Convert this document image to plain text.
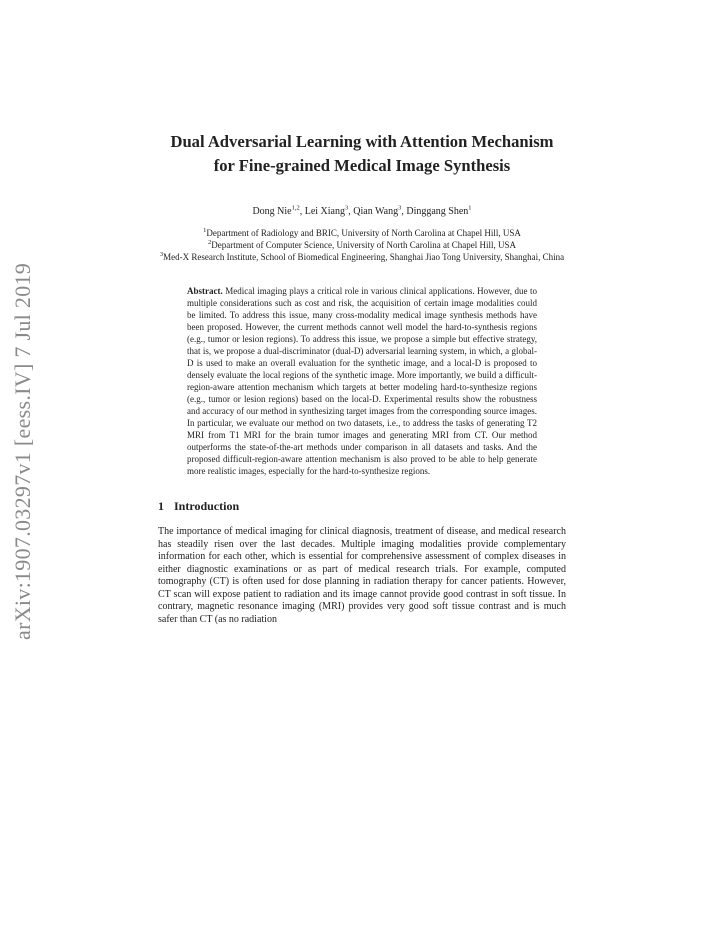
arXiv:1907.03297v1 [eess.IV] 7 Jul 2019
Dual Adversarial Learning with Attention Mechanism for Fine-grained Medical Image Synthesis
Dong Nie$^{1,2}$, Lei Xiang$^3$, Qian Wang$^3$, Dinggang Shen$^1$
$^1$Department of Radiology and BRIC, University of North Carolina at Chapel Hill, USA
$^2$Department of Computer Science, University of North Carolina at Chapel Hill, USA
$^3$Med-X Research Institute, School of Biomedical Engineering, Shanghai Jiao Tong University, Shanghai, China
Abstract. Medical imaging plays a critical role in various clinical applications. However, due to multiple considerations such as cost and risk, the acquisition of certain image modalities could be limited. To address this issue, many cross-modality medical image synthesis methods have been proposed. However, the current methods cannot well model the hard-to-synthesis regions (e.g., tumor or lesion regions). To address this issue, we propose a simple but effective strategy, that is, we propose a dual-discriminator (dual-D) adversarial learning system, in which, a global-D is used to make an overall evaluation for the synthetic image, and a local-D is proposed to densely evaluate the local regions of the synthetic image. More importantly, we build a difficult-region-aware attention mechanism which targets at better modeling hard-to-synthesize regions (e.g., tumor or lesion regions) based on the local-D. Experimental results show the robustness and accuracy of our method in synthesizing target images from the corresponding source images. In particular, we evaluate our method on two datasets, i.e., to address the tasks of generating T2 MRI from T1 MRI for the brain tumor images and generating MRI from CT. Our method outperforms the state-of-the-art methods under comparison in all datasets and tasks. And the proposed difficult-region-aware attention mechanism is also proved to be able to help generate more realistic images, especially for the hard-to-synthesize regions.
1 Introduction

The importance of medical imaging for clinical diagnosis, treatment of disease, and medical research has steadily risen over the last decades. Multiple imaging modalities provide complementary information for each other, which is essential for comprehensive assessment of complex diseases in either diagnostic examinations or as part of medical research trials. For example, computed tomography (CT) is often used for dose planning in radiation therapy for cancer patients. However, CT scan will expose patient to radiation and its image cannot provide good contrast in soft tissue. In contrary, magnetic resonance imaging (MRI) provides very good soft tissue contrast and is much safer than CT (as no radiation
